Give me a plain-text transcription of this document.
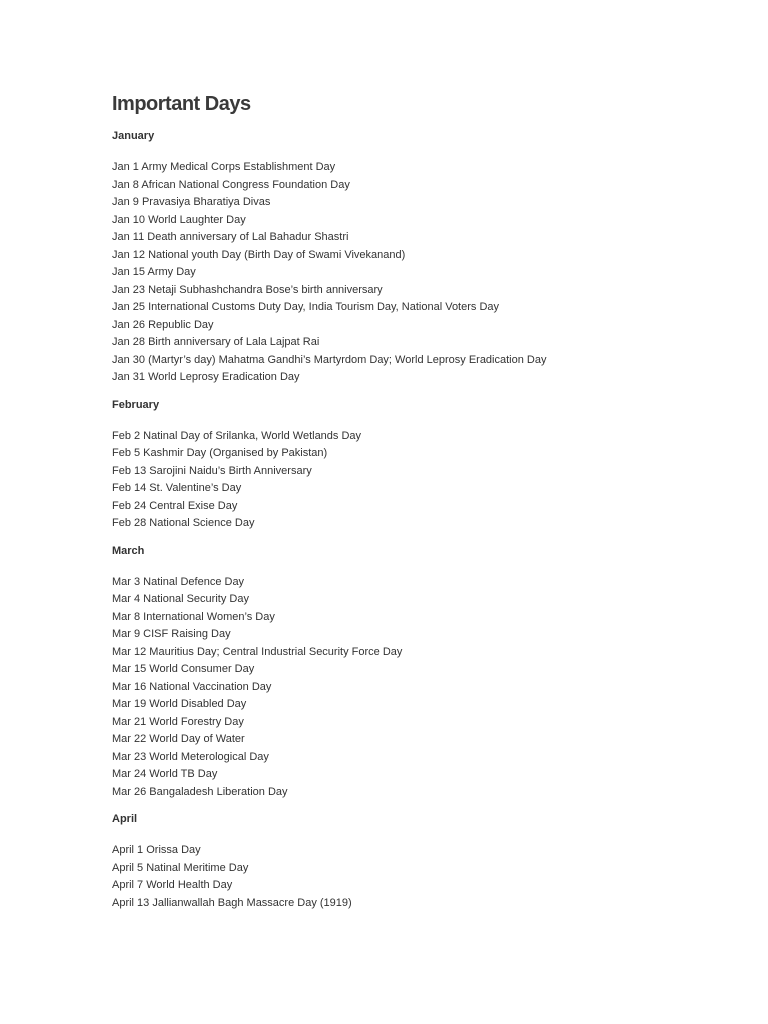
Important Days
January
Jan 1 Army Medical Corps Establishment Day
Jan 8 African National Congress Foundation Day
Jan 9 Pravasiya Bharatiya Divas
Jan 10 World Laughter Day
Jan 11 Death anniversary of Lal Bahadur Shastri
Jan 12 National youth Day (Birth Day of Swami Vivekanand)
Jan 15 Army Day
Jan 23 Netaji Subhashchandra Bose’s birth anniversary
Jan 25 International Customs Duty Day, India Tourism Day, National Voters Day
Jan 26 Republic Day
Jan 28 Birth anniversary of Lala Lajpat Rai
Jan 30 (Martyr’s day) Mahatma Gandhi’s Martyrdom Day; World Leprosy Eradication Day
Jan 31 World Leprosy Eradication Day
February
Feb 2 Natinal Day of Srilanka, World Wetlands Day
Feb 5 Kashmir Day (Organised by Pakistan)
Feb 13 Sarojini Naidu’s Birth Anniversary
Feb 14 St. Valentine’s Day
Feb 24 Central Exise Day
Feb 28 National Science Day
March
Mar 3 Natinal Defence Day
Mar 4 National Security Day
Mar 8 International Women’s Day
Mar 9 CISF Raising Day
Mar 12 Mauritius Day; Central Industrial Security Force Day
Mar 15 World Consumer Day
Mar 16 National Vaccination Day
Mar 19 World Disabled Day
Mar 21 World Forestry Day
Mar 22 World Day of Water
Mar 23 World Meterological Day
Mar 24 World TB Day
Mar 26 Bangaladesh Liberation Day
April
April 1 Orissa Day
April 5 Natinal Meritime Day
April 7 World Health Day
April 13 Jallianwallah Bagh Massacre Day (1919)
